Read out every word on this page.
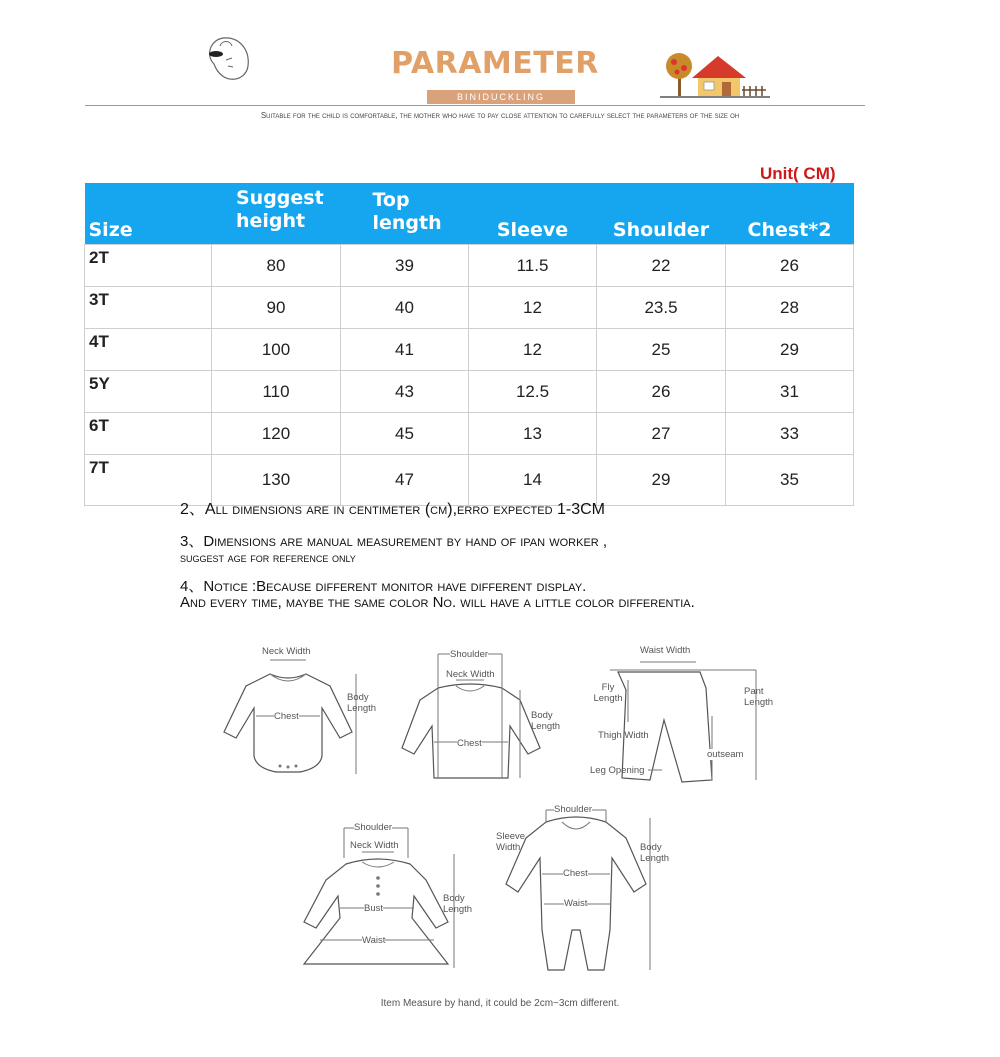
PARAMETER
BINIDUCKLING
Suitable for the child is comfortable, the mother who have to pay close attention to carefully select the parameters of the size oh
Unit( CM)
Size	Suggest height	Top length	Sleeve	Shoulder	Chest*2
2T	80	39	11.5	22	26
3T	90	40	12	23.5	28
4T	100	41	12	25	29
5Y	110	43	12.5	26	31
6T	120	45	13	27	33
7T	130	47	14	29	35
2、All dimensions are in centimeter (cm),erro expected 1-3CM
3、Dimensions are manual measurement by hand of ipan worker ,
suggest age for reference only
4、Notice :Because different monitor have different display.
And every time, maybe the same color No. will have a little color differentia.
Neck Width
Chest
Body Length
Shoulder
Neck Width
Chest
Body Length
Waist Width
Fly Length
Pant Length
Thigh Width
outseam
Leg Opening
Shoulder
Neck Width
Bust
Waist
Body Length
Shoulder
Sleeve Width	Body Length
Chest
Waist
Item Measure by hand, it could be 2cm~3cm different.
